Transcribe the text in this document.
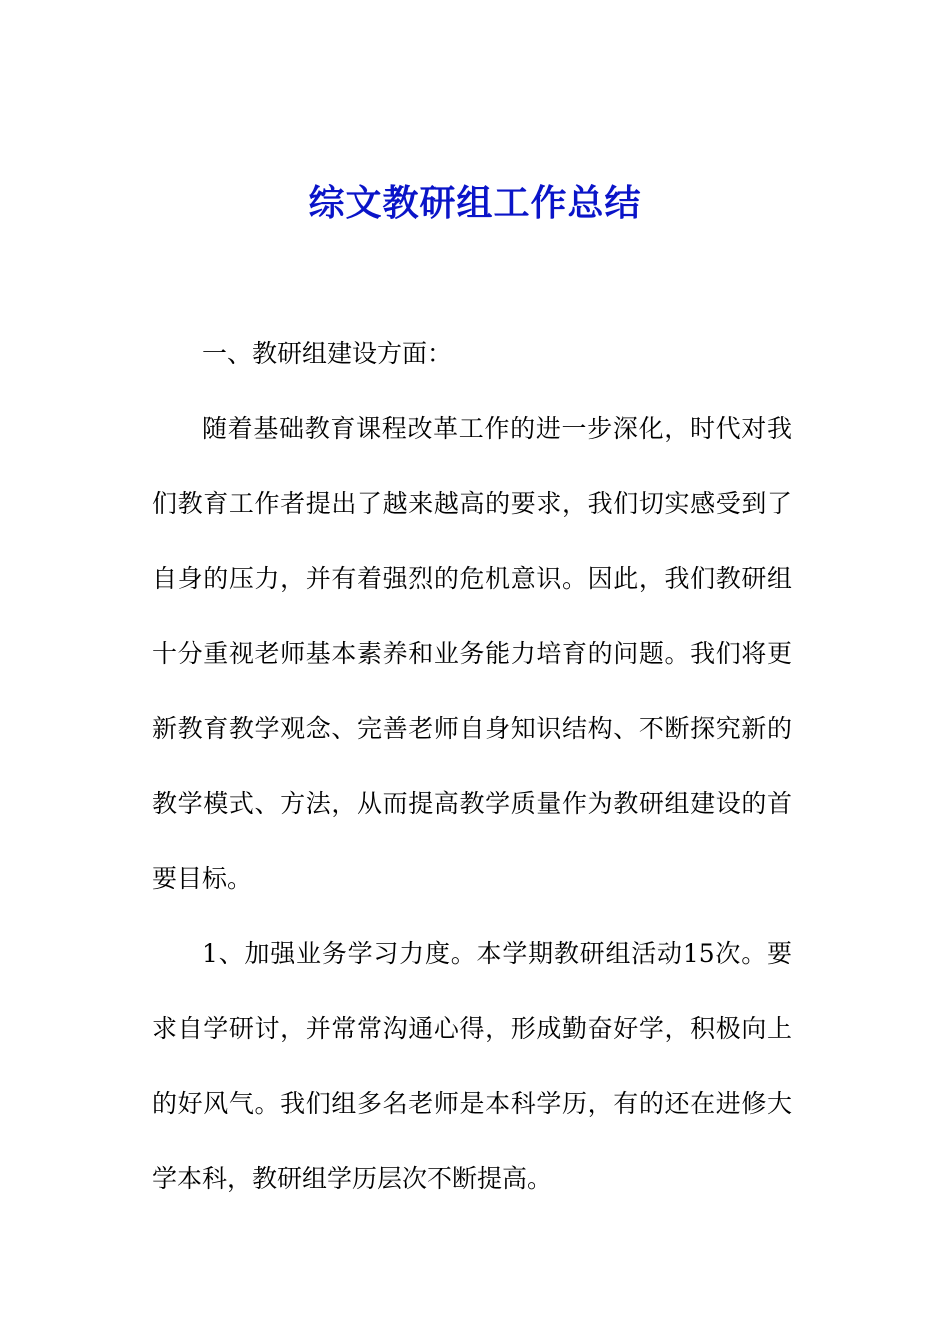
综文教研组工作总结

一、教研组建设方面：

随着基础教育课程改革工作的进一步深化，时代对我们教育工作者提出了越来越高的要求，我们切实感受到了自身的压力，并有着强烈的危机意识。因此，我们教研组十分重视老师基本素养和业务能力培育的问题。我们将更新教育教学观念、完善老师自身知识结构、不断探究新的教学模式、方法，从而提高教学质量作为教研组建设的首要目标。

1、加强业务学习力度。本学期教研组活动15次。要求自学研讨，并常常沟通心得，形成勤奋好学，积极向上的好风气。我们组多名老师是本科学历，有的还在进修大学本科，教研组学历层次不断提高。
